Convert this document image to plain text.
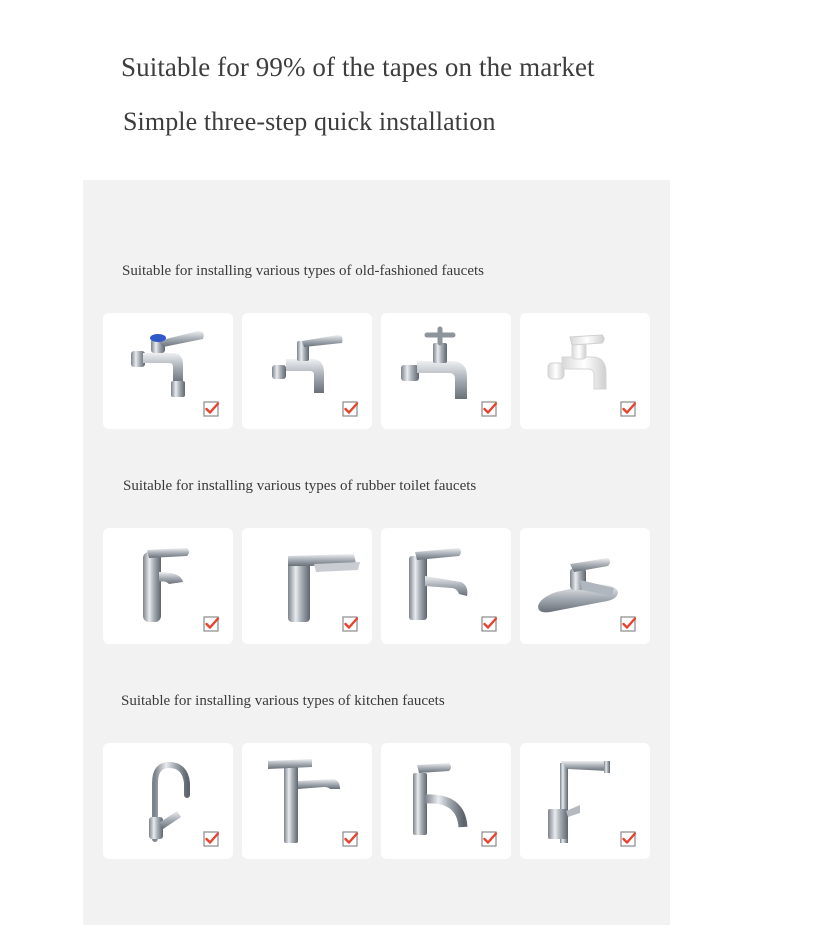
Suitable for 99% of the tapes on the market
Simple three-step quick installation
Suitable for installing various types of old-fashioned faucets
Suitable for installing various types of rubber toilet faucets
Suitable for installing various types of kitchen faucets
